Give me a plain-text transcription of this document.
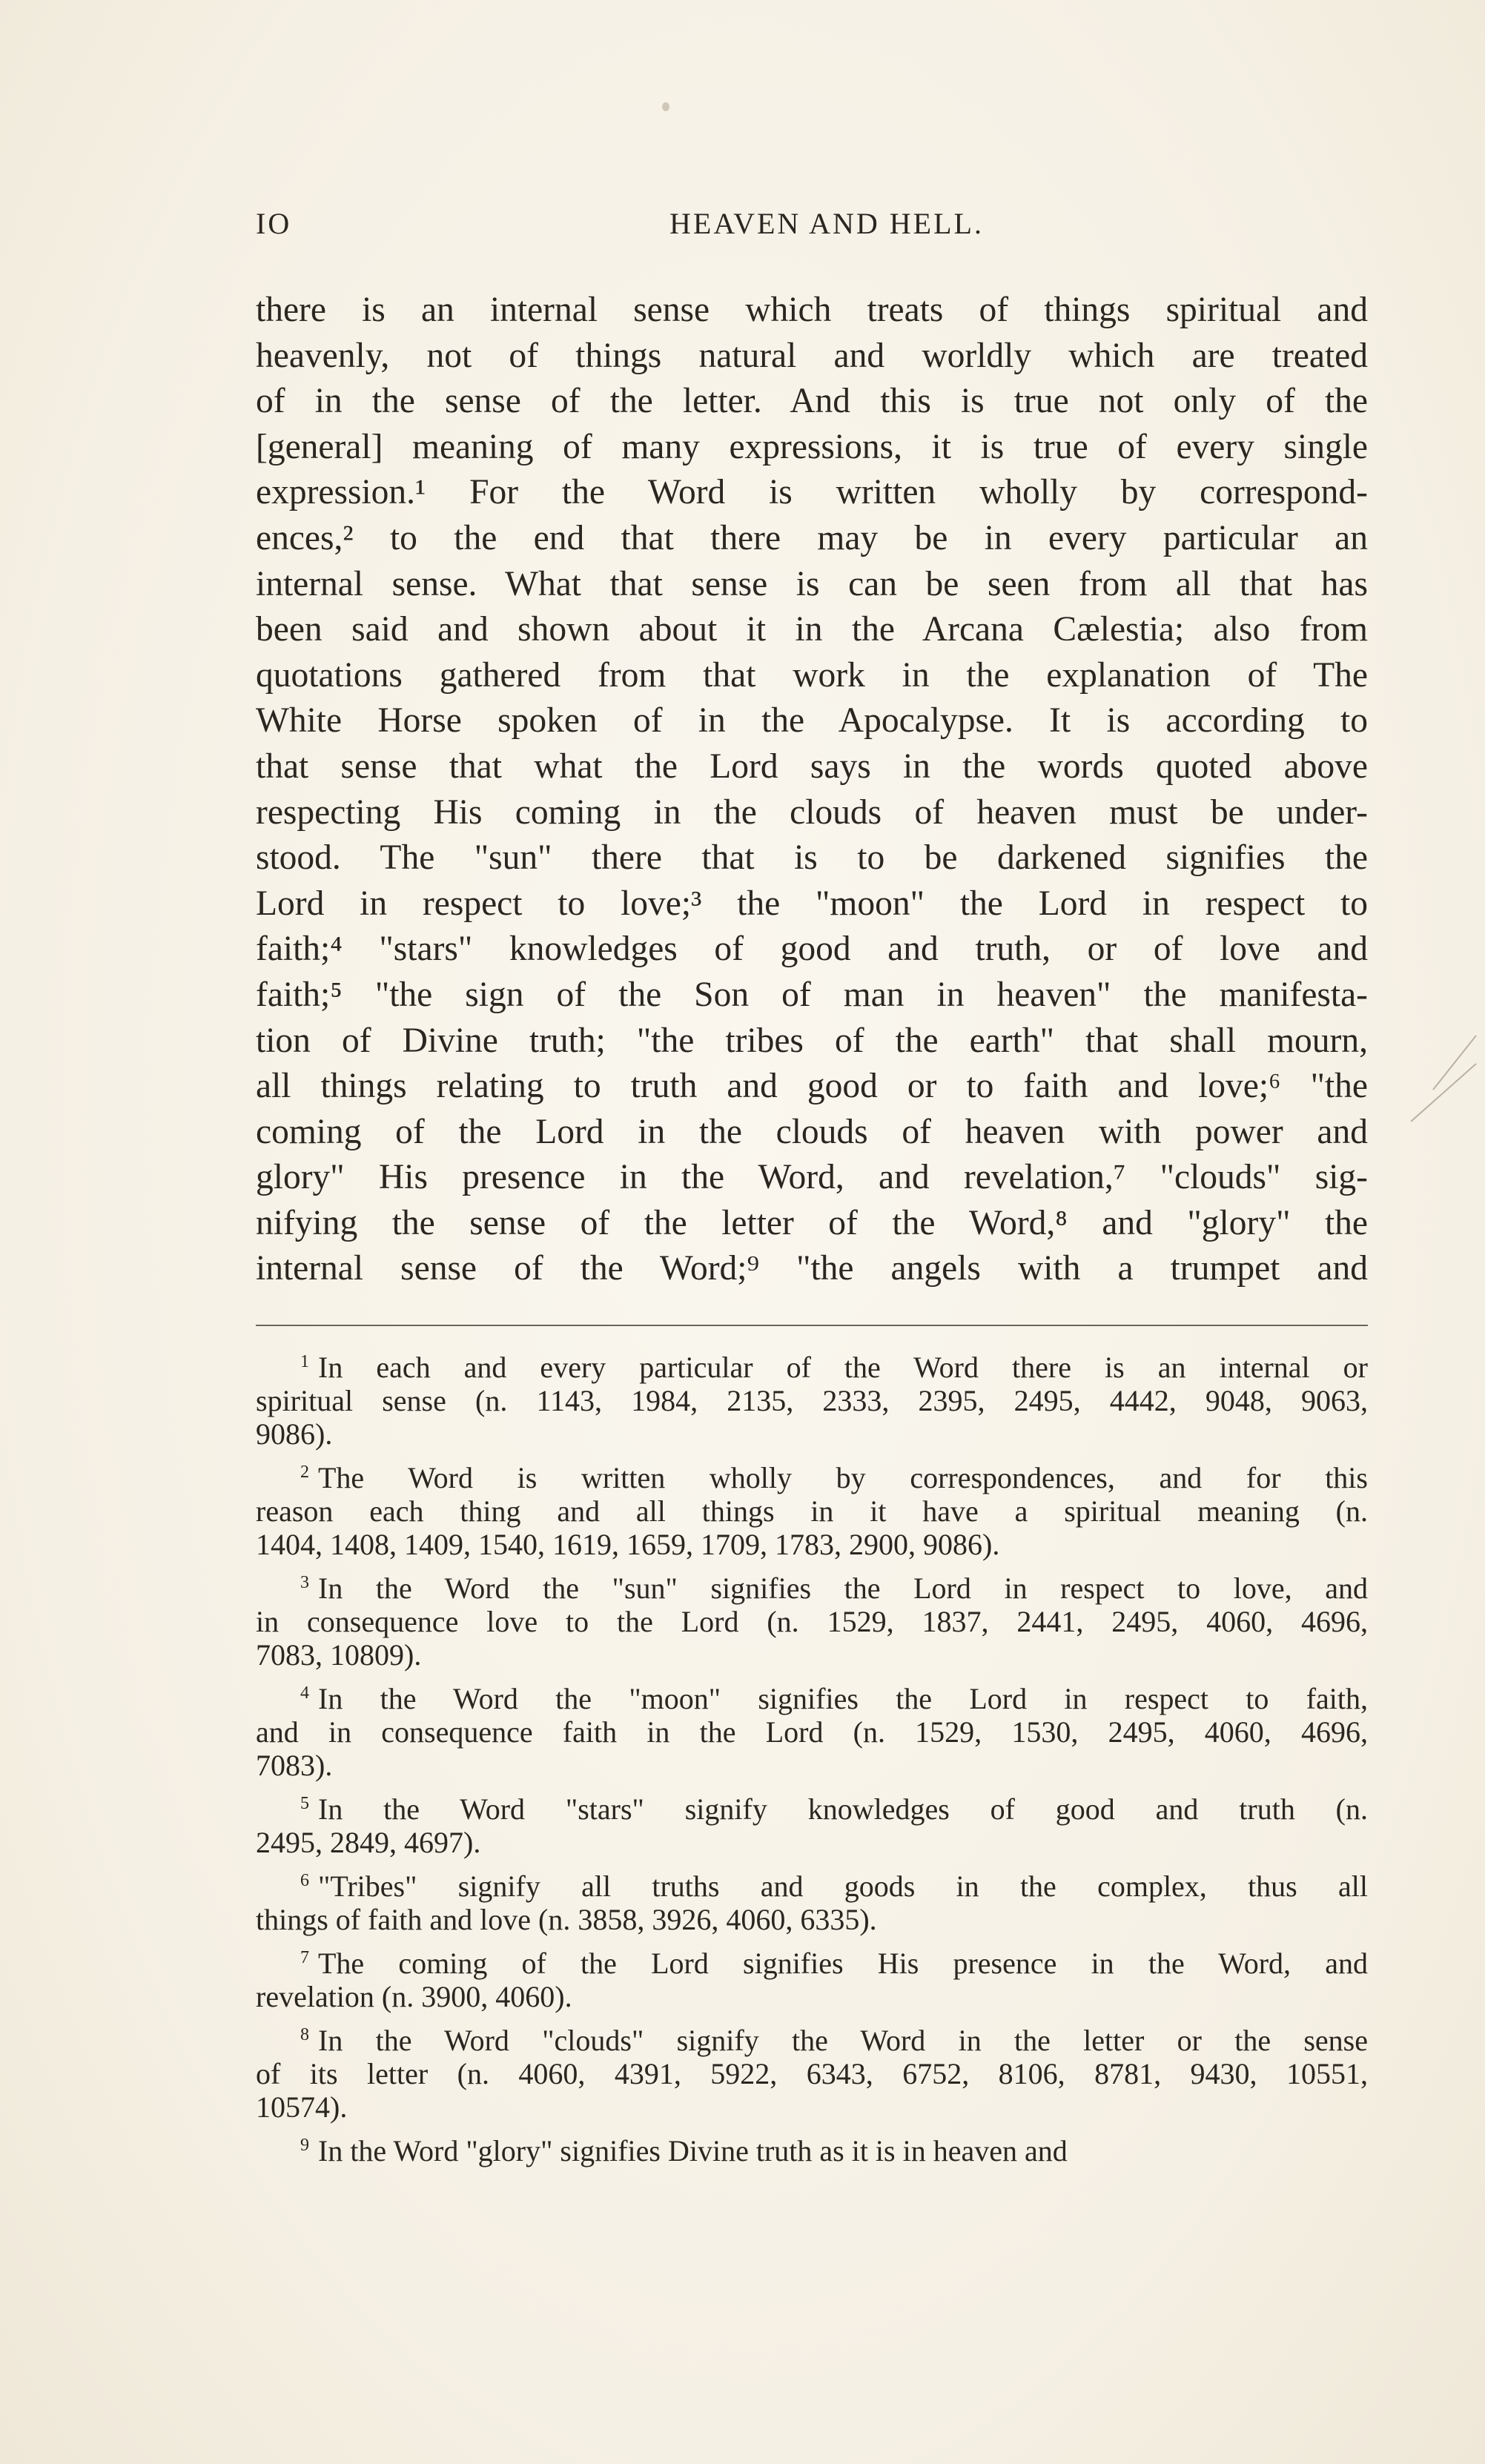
IO	HEAVEN AND HELL.
there is an internal sense which treats of things spiritual and
heavenly, not of things natural and worldly which are treated
of in the sense of the letter. And this is true not only of the
[general] meaning of many expressions, it is true of every single
expression.¹ For the Word is written wholly by correspond-
ences,² to the end that there may be in every particular an
internal sense. What that sense is can be seen from all that has
been said and shown about it in the Arcana Cælestia; also from
quotations gathered from that work in the explanation of The
White Horse spoken of in the Apocalypse. It is according to
that sense that what the Lord says in the words quoted above
respecting His coming in the clouds of heaven must be under-
stood. The "sun" there that is to be darkened signifies the
Lord in respect to love;³ the "moon" the Lord in respect to
faith;⁴ "stars" knowledges of good and truth, or of love and
faith;⁵ "the sign of the Son of man in heaven" the manifesta-
tion of Divine truth; "the tribes of the earth" that shall mourn,
all things relating to truth and good or to faith and love;⁶ "the
coming of the Lord in the clouds of heaven with power and
glory" His presence in the Word, and revelation,⁷ "clouds" sig-
nifying the sense of the letter of the Word,⁸ and "glory" the
internal sense of the Word;⁹ "the angels with a trumpet and
$^1$ In each and every particular of the Word there is an internal or
spiritual sense (n. 1143, 1984, 2135, 2333, 2395, 2495, 4442, 9048, 9063,
9086).
$^2$ The Word is written wholly by correspondences, and for this
reason each thing and all things in it have a spiritual meaning (n.
1404, 1408, 1409, 1540, 1619, 1659, 1709, 1783, 2900, 9086).
$^3$ In the Word the "sun" signifies the Lord in respect to love, and
in consequence love to the Lord (n. 1529, 1837, 2441, 2495, 4060, 4696,
7083, 10809).
$^4$ In the Word the "moon" signifies the Lord in respect to faith,
and in consequence faith in the Lord (n. 1529, 1530, 2495, 4060, 4696,
7083).
$^5$ In the Word "stars" signify knowledges of good and truth (n.
2495, 2849, 4697).
$^6$ "Tribes" signify all truths and goods in the complex, thus all
things of faith and love (n. 3858, 3926, 4060, 6335).
$^7$ The coming of the Lord signifies His presence in the Word, and
revelation (n. 3900, 4060).
$^8$ In the Word "clouds" signify the Word in the letter or the sense
of its letter (n. 4060, 4391, 5922, 6343, 6752, 8106, 8781, 9430, 10551,
10574).
$^9$ In the Word "glory" signifies Divine truth as it is in heaven and
